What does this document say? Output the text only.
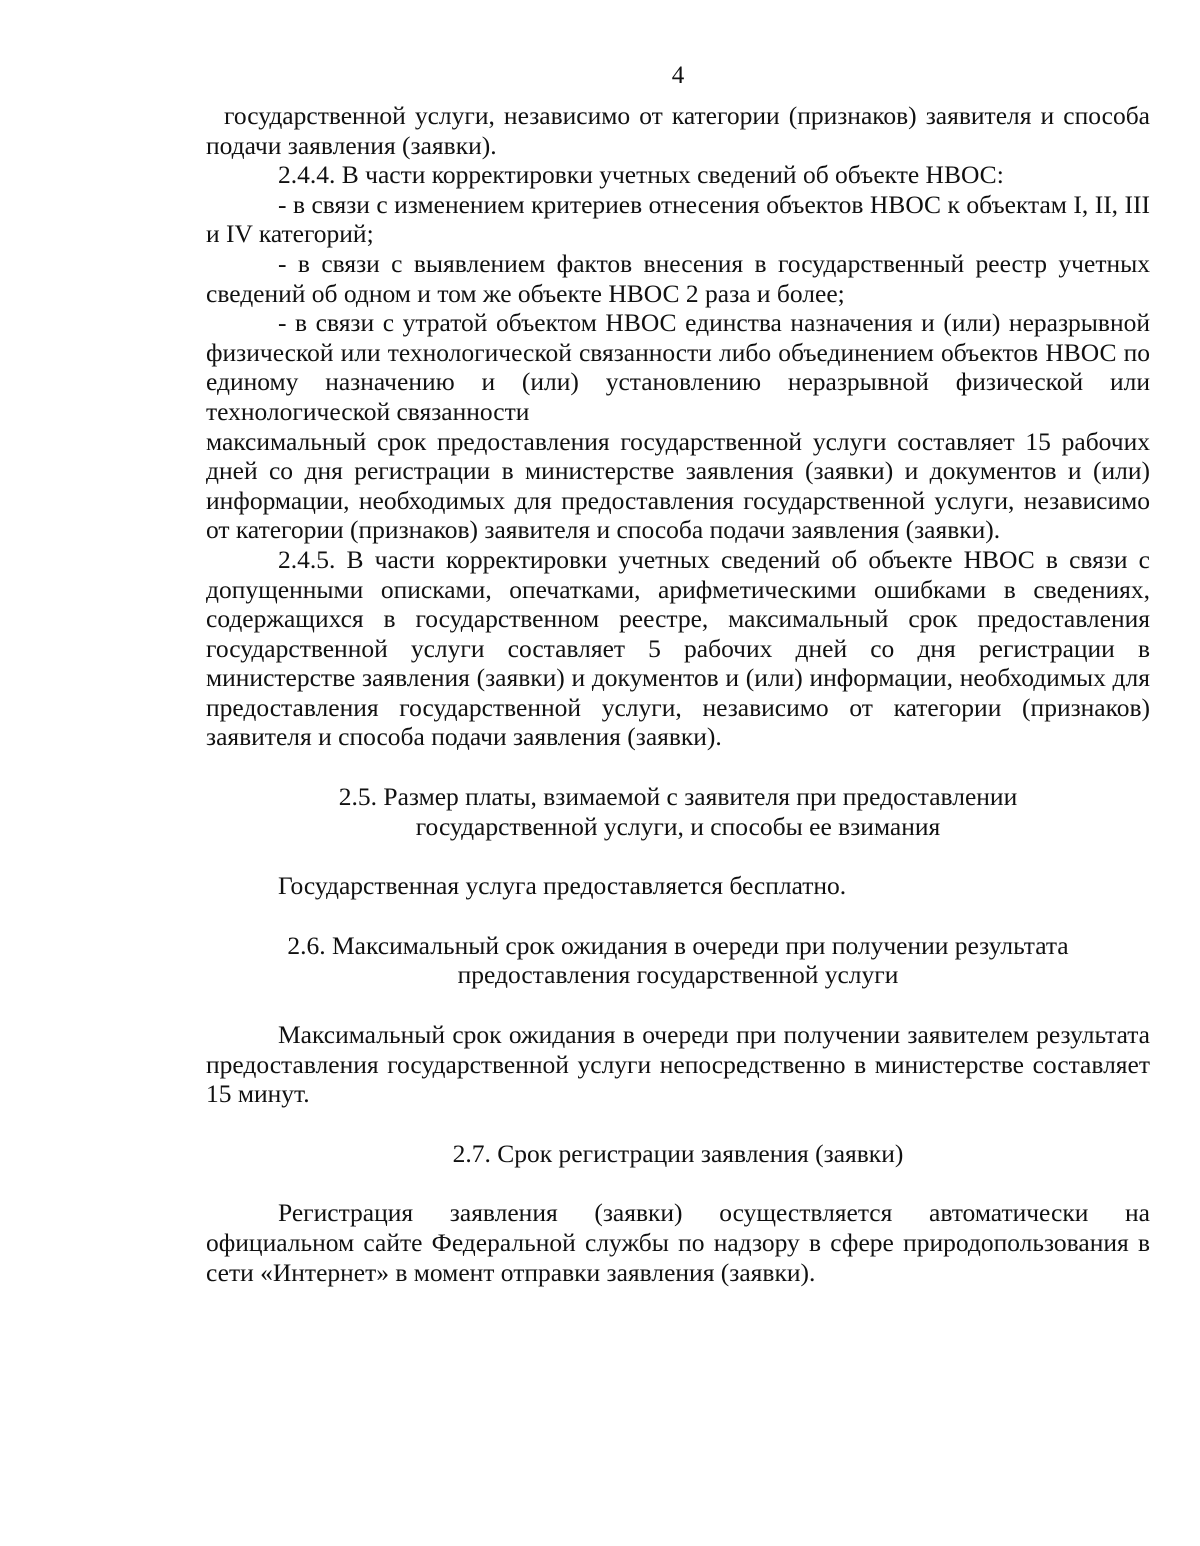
4

государственной услуги, независимо от категории (признаков) заявителя и способа подачи заявления (заявки).

2.4.4. В части корректировки учетных сведений об объекте НВОС:

- в связи с изменением критериев отнесения объектов НВОС к объектам I, II, III и IV категорий;

- в связи с выявлением фактов внесения в государственный реестр учетных сведений об одном и том же объекте НВОС 2 раза и более;

- в связи с утратой объектом НВОС единства назначения и (или) неразрывной физической или технологической связанности либо объединением объектов НВОС по единому назначению и (или) установлению неразрывной физической или технологической связанности

максимальный срок предоставления государственной услуги составляет 15 рабочих дней со дня регистрации в министерстве заявления (заявки) и документов и (или) информации, необходимых для предоставления государственной услуги, независимо от категории (признаков) заявителя и способа подачи заявления (заявки).

2.4.5. В части корректировки учетных сведений об объекте НВОС в связи с допущенными описками, опечатками, арифметическими ошибками в сведениях, содержащихся в государственном реестре, максимальный срок предоставления государственной услуги составляет 5 рабочих дней со дня регистрации в министерстве заявления (заявки) и документов и (или) информации, необходимых для предоставления государственной услуги, независимо от категории (признаков) заявителя и способа подачи заявления (заявки).

2.5. Размер платы, взимаемой с заявителя при предоставлении

государственной услуги, и способы ее взимания

Государственная услуга предоставляется бесплатно.

2.6. Максимальный срок ожидания в очереди при получении результата

предоставления государственной услуги

Максимальный срок ожидания в очереди при получении заявителем результата предоставления государственной услуги непосредственно в министерстве составляет 15 минут.

2.7. Срок регистрации заявления (заявки)

Регистрация заявления (заявки) осуществляется автоматически на официальном сайте Федеральной службы по надзору в сфере природопользования в сети «Интернет» в момент отправки заявления (заявки).
